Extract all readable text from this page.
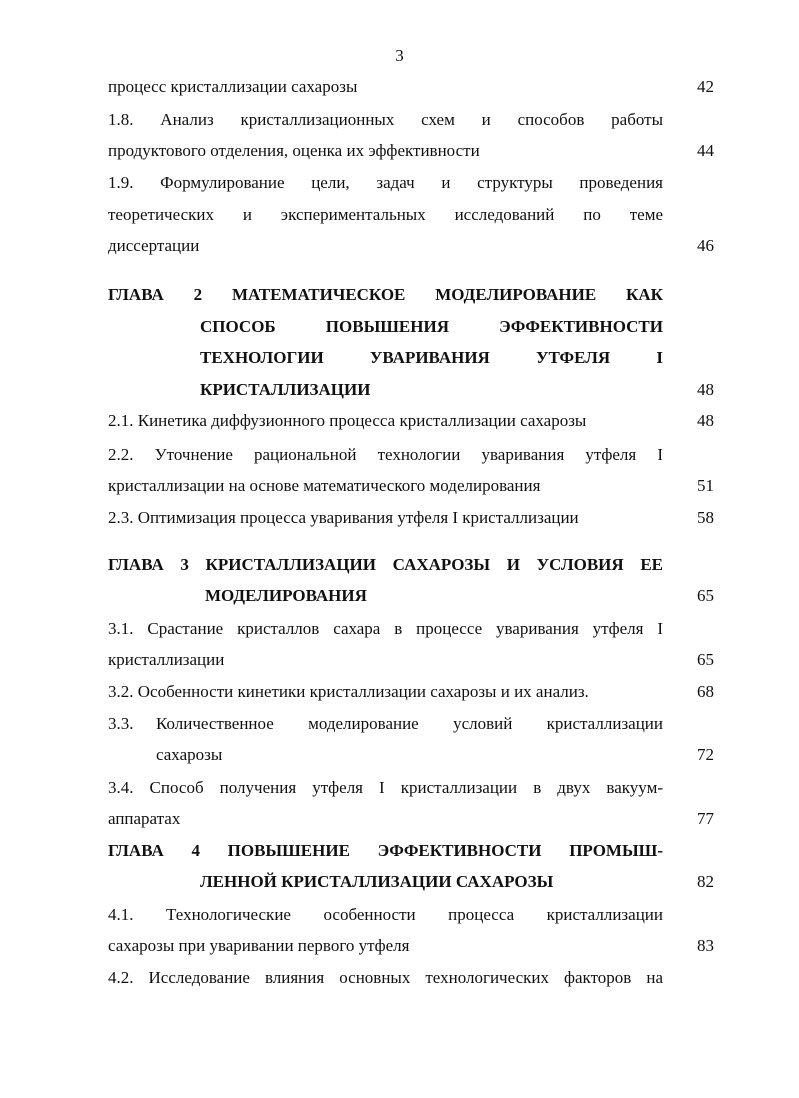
3
процесс кристаллизации сахарозы	42
1.8. Анализ кристаллизационных схем и способов работы
продуктового отделения, оценка их эффективности	44
1.9. Формулирование цели, задач и структуры проведения
теоретических и экспериментальных исследований по теме
диссертации	46
ГЛАВА 2 МАТЕМАТИЧЕСКОЕ МОДЕЛИРОВАНИЕ КАК
СПОСОБ ПОВЫШЕНИЯ ЭФФЕКТИВНОСТИ
ТЕХНОЛОГИИ УВАРИВАНИЯ УТФЕЛЯ I
КРИСТАЛЛИЗАЦИИ	48
2.1. Кинетика диффузионного процесса кристаллизации сахарозы	48
2.2. Уточнение рациональной технологии уваривания утфеля I
кристаллизации на основе математического моделирования	51
2.3. Оптимизация процесса уваривания утфеля I кристаллизации	58
ГЛАВА 3 КРИСТАЛЛИЗАЦИИ САХАРОЗЫ И УСЛОВИЯ ЕЕ
МОДЕЛИРОВАНИЯ	65
3.1. Срастание кристаллов сахара в процессе уваривания утфеля I
кристаллизации	65
3.2. Особенности кинетики кристаллизации сахарозы и их анализ.	68
3.3.	Количественное моделирование условий кристаллизации
сахарозы	72
3.4. Способ получения утфеля I кристаллизации в двух вакуум-
аппаратах	77
ГЛАВА 4 ПОВЫШЕНИЕ ЭФФЕКТИВНОСТИ ПРОМЫШ-
ЛЕННОЙ КРИСТАЛЛИЗАЦИИ САХАРОЗЫ	82
4.1. Технологические особенности процесса кристаллизации
сахарозы при уваривании первого утфеля	83
4.2. Исследование влияния основных технологических факторов на
